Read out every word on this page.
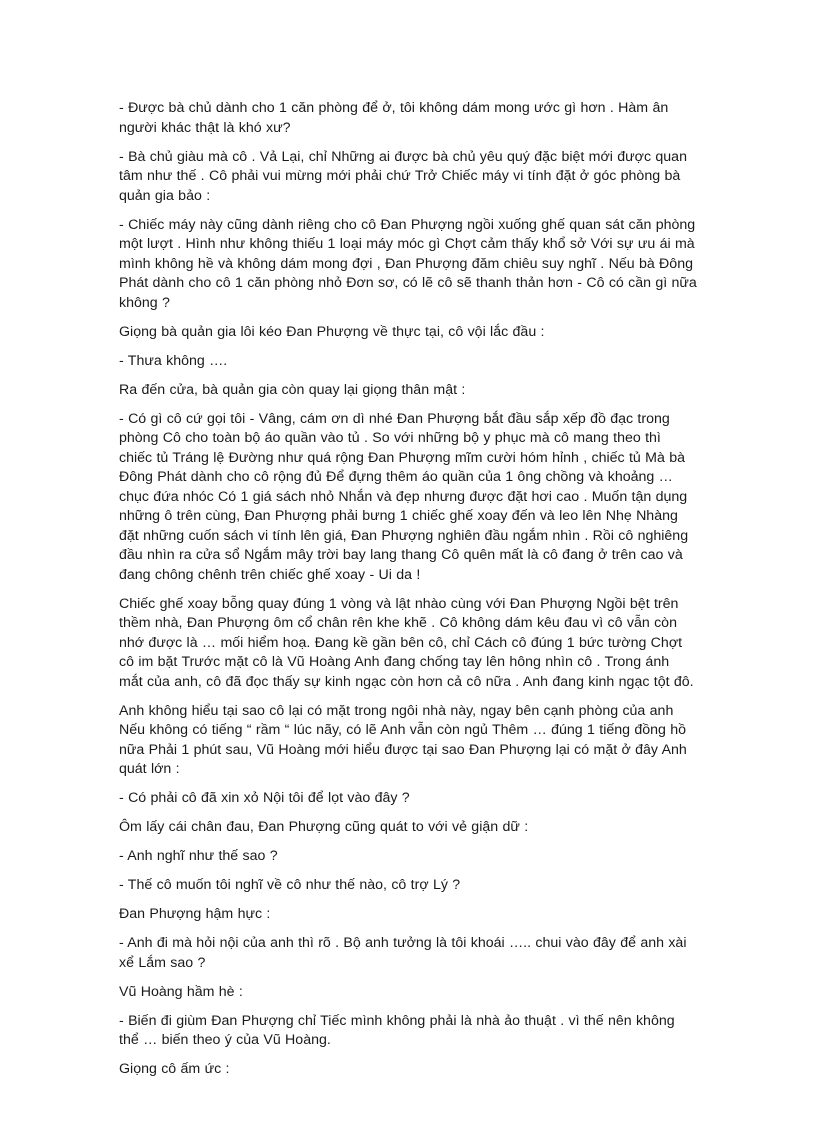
- Được bà chủ dành cho 1 căn phòng để ở, tôi không dám mong ước gì hơn . Hàm ân người khác thật là khó xư?

- Bà chủ giàu mà cô . Vả Lại, chỉ Những ai được bà chủ yêu quý đặc biệt mới được quan tâm như thế . Cô phải vui mừng mới phải chứ Trở Chiếc máy vi tính đặt ở góc phòng bà quản gia bảo :

- Chiếc máy này cũng dành riêng cho cô Đan Phượng ngồi xuống ghế quan sát căn phòng một lượt . Hình như không thiếu 1 loại máy móc gì Chợt cảm thấy khổ sở Với sự ưu ái mà mình không hề và không dám mong đợi , Đan Phượng đăm chiêu suy nghĩ . Nếu bà Đông Phát dành cho cô 1 căn phòng nhỏ Đơn sơ, có lẽ cô sẽ thanh thản hơn - Cô có cần gì nữa không ?

Giọng bà quản gia lôi kéo Đan Phượng về thực tại, cô vội lắc đầu :

- Thưa không ….

Ra đến cửa, bà quản gia còn quay lại giọng thân mật :

- Có gì cô cứ gọi tôi - Vâng, cám ơn dì nhé Đan Phượng bắt đầu sắp xếp đồ đạc trong phòng Cô cho toàn bộ áo quần vào tủ . So với những bộ y phục mà cô mang theo thì chiếc tủ Tráng lệ Đường như quá rộng Đan Phượng mĩm cười hóm hỉnh , chiếc tủ Mà bà Đông Phát dành cho cô rộng đủ Để đựng thêm áo quần của 1 ông chồng và khoảng … chục đứa nhóc Có 1 giá sách nhỏ Nhắn và đẹp nhưng được đặt hơi cao . Muốn tận dụng những ô trên cùng, Đan Phượng phải bưng 1 chiếc ghế xoay đến và leo lên Nhẹ Nhàng đặt những cuốn sách vi tính lên giá, Đan Phượng nghiên đầu ngắm nhìn . Rồi cô nghiêng đầu nhìn ra cửa sổ Ngắm mây trời bay lang thang Cô quên mất là cô đang ở trên cao và đang chông chênh trên chiếc ghế xoay - Ui da !

Chiếc ghế xoay bỗng quay đúng 1 vòng và lật nhào cùng với Đan Phượng Ngồi bệt trên thềm nhà, Đan Phượng ôm cổ chân rên khe khẽ . Cô không dám kêu đau vì cô vẫn còn nhớ được là … mối hiểm hoạ. Đang kề gần bên cô, chỉ Cách cô đúng 1 bức tường Chợt cô im bặt Trước mặt cô là Vũ Hoàng Anh đang chống tay lên hông nhìn cô . Trong ánh mắt của anh, cô đã đọc thấy sự kinh ngạc còn hơn cả cô nữa . Anh đang kinh ngạc tột đô.

Anh không hiểu tại sao cô lại có mặt trong ngôi nhà này, ngay bên cạnh phòng của anh Nếu không có tiếng “ rầm “ lúc nãy, có lẽ Anh vẫn còn ngủ Thêm … đúng 1 tiếng đồng hồ nữa Phải 1 phút sau, Vũ Hoàng mới hiểu được tại sao Đan Phượng lại có mặt ở đây Anh quát lớn :

- Có phải cô đã xin xỏ Nội tôi để lọt vào đây ?

Ôm lấy cái chân đau, Đan Phượng cũng quát to với vẻ giận dữ :

- Anh nghĩ như thế sao ?

- Thế cô muốn tôi nghĩ về cô như thế nào, cô trợ Lý ?

Đan Phượng hậm hực :

- Anh đi mà hỏi nội của anh thì rõ . Bộ anh tưởng là tôi khoái ….. chui vào đây để anh xài xể Lắm sao ?

Vũ Hoàng hầm hè :

- Biến đi giùm Đan Phượng chỉ Tiếc mình không phải là nhà ảo thuật . vì thế nên không thể … biến theo ý của Vũ Hoàng.

Giọng cô ấm ức :
